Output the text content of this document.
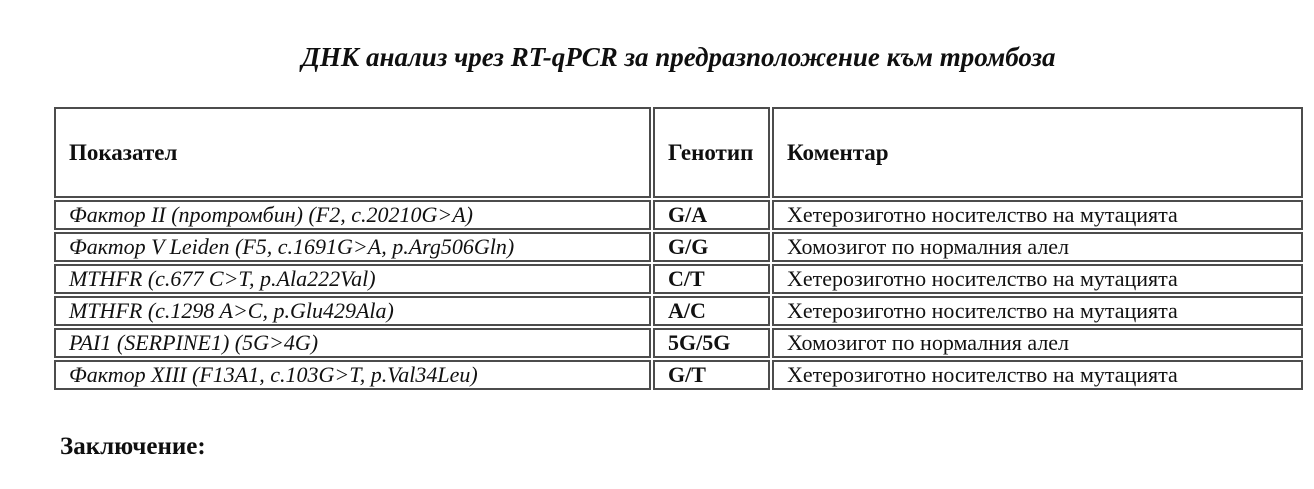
ДНК анализ чрез RT-qPCR за предразположение към тромбоза
Показател	Генотип	Коментар
Фактор II (протромбин) (F2, c.20210G>A)	G/A	Хетерозиготно носителство на мутацията
Фактор V Leiden (F5, c.1691G>A, p.Arg506Gln)	G/G	Хомозигот по нормалния алел
MTHFR (c.677 C>T, p.Ala222Val)	C/T	Хетерозиготно носителство на мутацията
MTHFR (c.1298 A>C, p.Glu429Ala)	A/C	Хетерозиготно носителство на мутацията
PAI1 (SERPINE1) (5G>4G)	5G/5G	Хомозигот по нормалния алел
Фактор XIII (F13A1, c.103G>T, p.Val34Leu)	G/T	Хетерозиготно носителство на мутацията
Заключение:
